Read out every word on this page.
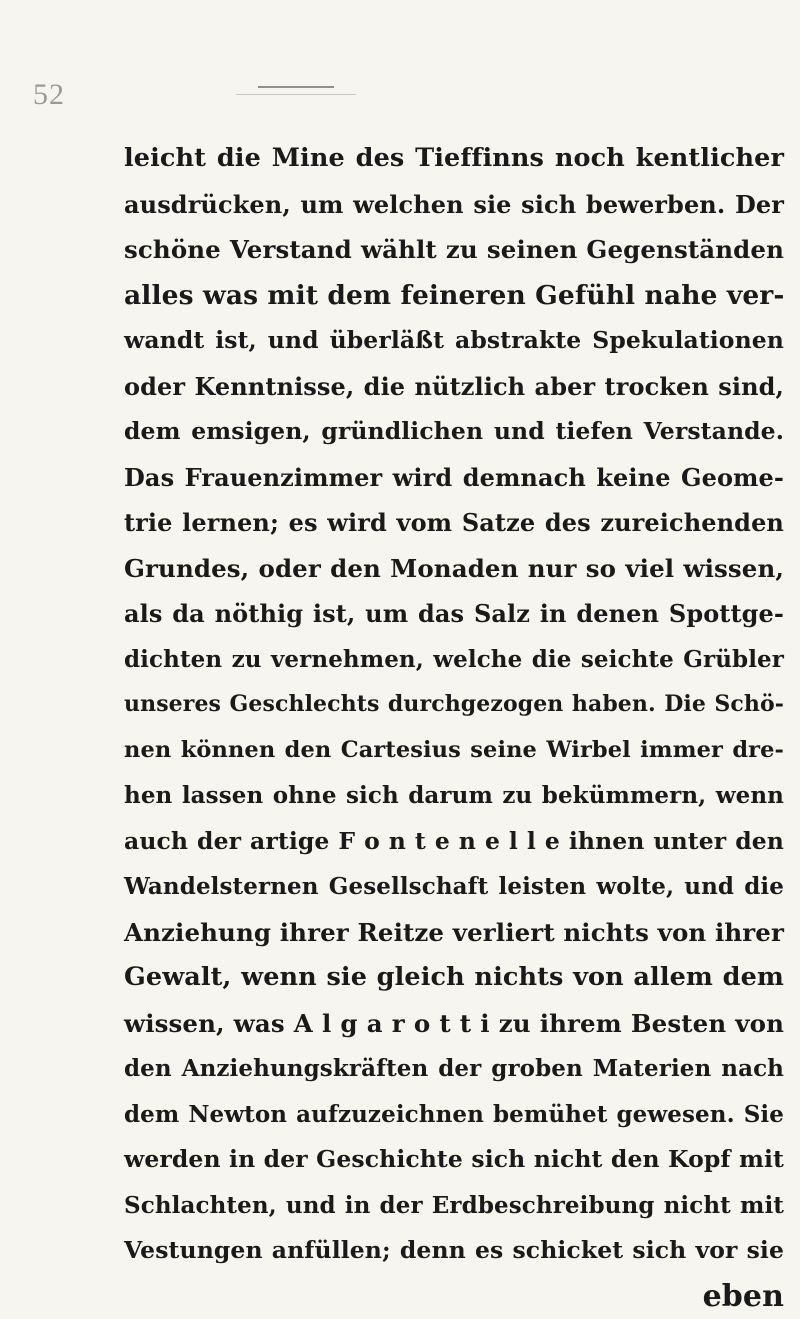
52
leicht die Mine des Tieffinns noch kentlicher
ausdrücken, um welchen sie sich bewerben. Der
schöne Verstand wählt zu seinen Gegenständen
alles was mit dem feineren Gefühl nahe ver-
wandt ist, und überläßt abstrakte Spekulationen
oder Kenntnisse, die nützlich aber trocken sind,
dem emsigen, gründlichen und tiefen Verstande.
Das Frauenzimmer wird demnach keine Geome-
trie lernen; es wird vom Satze des zureichenden
Grundes, oder den Monaden nur so viel wissen,
als da nöthig ist, um das Salz in denen Spottge-
dichten zu vernehmen, welche die seichte Grübler
unseres Geschlechts durchgezogen haben. Die Schö-
nen können den Cartesius seine Wirbel immer dre-
hen lassen ohne sich darum zu bekümmern, wenn
auch der artige F o n t e n e l l e ihnen unter den
Wandelsternen Gesellschaft leisten wolte, und die
Anziehung ihrer Reitze verliert nichts von ihrer
Gewalt, wenn sie gleich nichts von allem dem
wissen, was A l g a r o t t i zu ihrem Besten von
den Anziehungskräften der groben Materien nach
dem Newton aufzuzeichnen bemühet gewesen. Sie
werden in der Geschichte sich nicht den Kopf mit
Schlachten, und in der Erdbeschreibung nicht mit
Vestungen anfüllen; denn es schicket sich vor sie
eben
